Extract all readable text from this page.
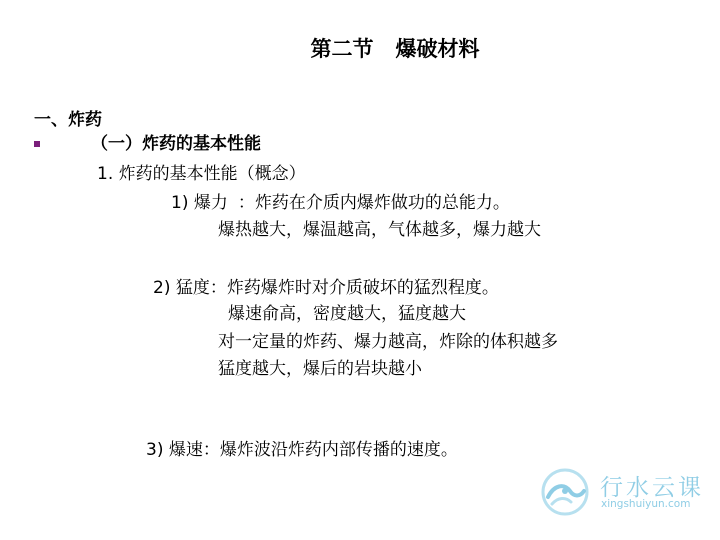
第二节 爆破材料
一、炸药
（一）炸药的基本性能
1. 炸药的基本性能（概念）
1) 爆力 ：炸药在介质内爆炸做功的总能力。
爆热越大，爆温越高，气体越多，爆力越大
2) 猛度：炸药爆炸时对介质破坏的猛烈程度。
爆速俞高，密度越大，猛度越大
对一定量的炸药、爆力越高，炸除的体积越多
猛度越大，爆后的岩块越小
3) 爆速：爆炸波沿炸药内部传播的速度。
行水云课
xingshuiyun.com
